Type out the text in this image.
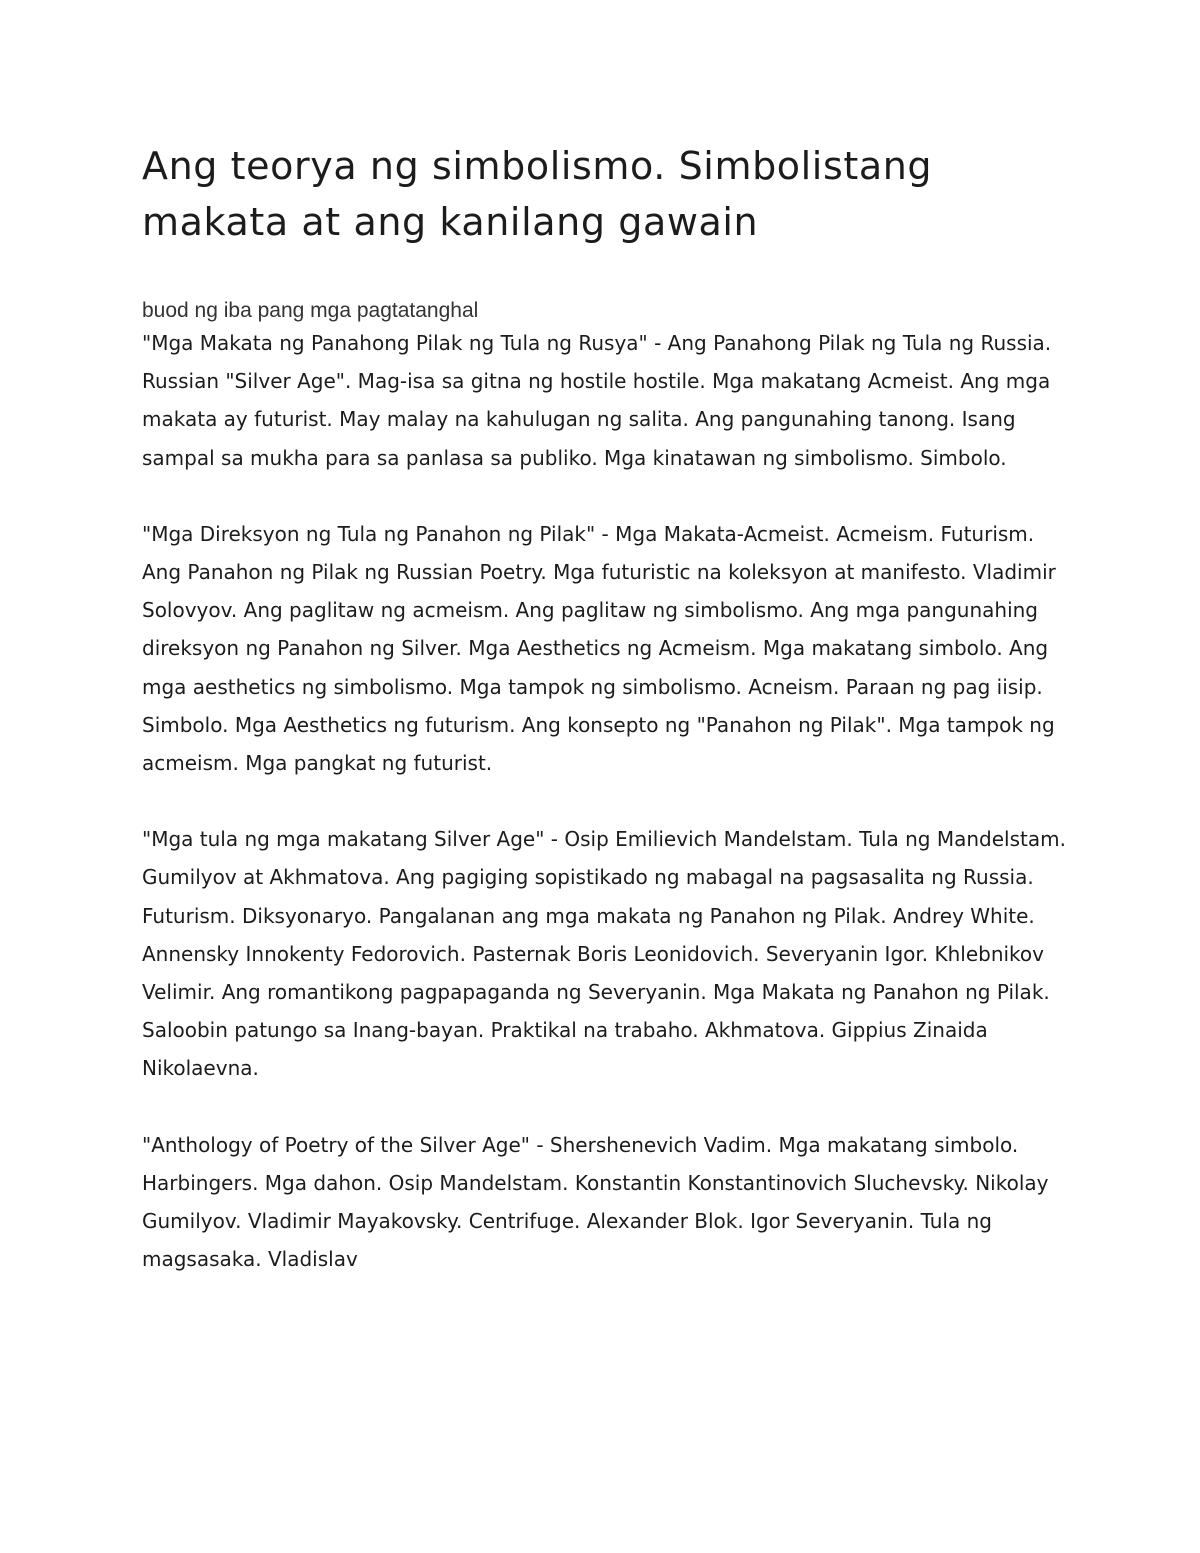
Ang teorya ng simbolismo. Simbolistang makata at ang kanilang gawain
buod ng iba pang mga pagtatanghal

"Mga Makata ng Panahong Pilak ng Tula ng Rusya" - Ang Panahong Pilak ng Tula ng Russia. Russian "Silver Age". Mag-isa sa gitna ng hostile hostile. Mga makatang Acmeist. Ang mga makata ay futurist. May malay na kahulugan ng salita. Ang pangunahing tanong. Isang sampal sa mukha para sa panlasa sa publiko. Mga kinatawan ng simbolismo. Simbolo.

"Mga Direksyon ng Tula ng Panahon ng Pilak" - Mga Makata-Acmeist. Acmeism. Futurism. Ang Panahon ng Pilak ng Russian Poetry. Mga futuristic na koleksyon at manifesto. Vladimir Solovyov. Ang paglitaw ng acmeism. Ang paglitaw ng simbolismo. Ang mga pangunahing direksyon ng Panahon ng Silver. Mga Aesthetics ng Acmeism. Mga makatang simbolo. Ang mga aesthetics ng simbolismo. Mga tampok ng simbolismo. Acneism. Paraan ng pag iisip. Simbolo. Mga Aesthetics ng futurism. Ang konsepto ng "Panahon ng Pilak". Mga tampok ng acmeism. Mga pangkat ng futurist.

"Mga tula ng mga makatang Silver Age" - Osip Emilievich Mandelstam. Tula ng Mandelstam. Gumilyov at Akhmatova. Ang pagiging sopistikado ng mabagal na pagsasalita ng Russia. Futurism. Diksyonaryo. Pangalanan ang mga makata ng Panahon ng Pilak. Andrey White. Annensky Innokenty Fedorovich. Pasternak Boris Leonidovich. Severyanin Igor. Khlebnikov Velimir. Ang romantikong pagpapaganda ng Severyanin. Mga Makata ng Panahon ng Pilak. Saloobin patungo sa Inang-bayan. Praktikal na trabaho. Akhmatova. Gippius Zinaida Nikolaevna.

"Anthology of Poetry of the Silver Age" - Shershenevich Vadim. Mga makatang simbolo. Harbingers. Mga dahon. Osip Mandelstam. Konstantin Konstantinovich Sluchevsky. Nikolay Gumilyov. Vladimir Mayakovsky. Centrifuge. Alexander Blok. Igor Severyanin. Tula ng magsasaka. Vladislav
